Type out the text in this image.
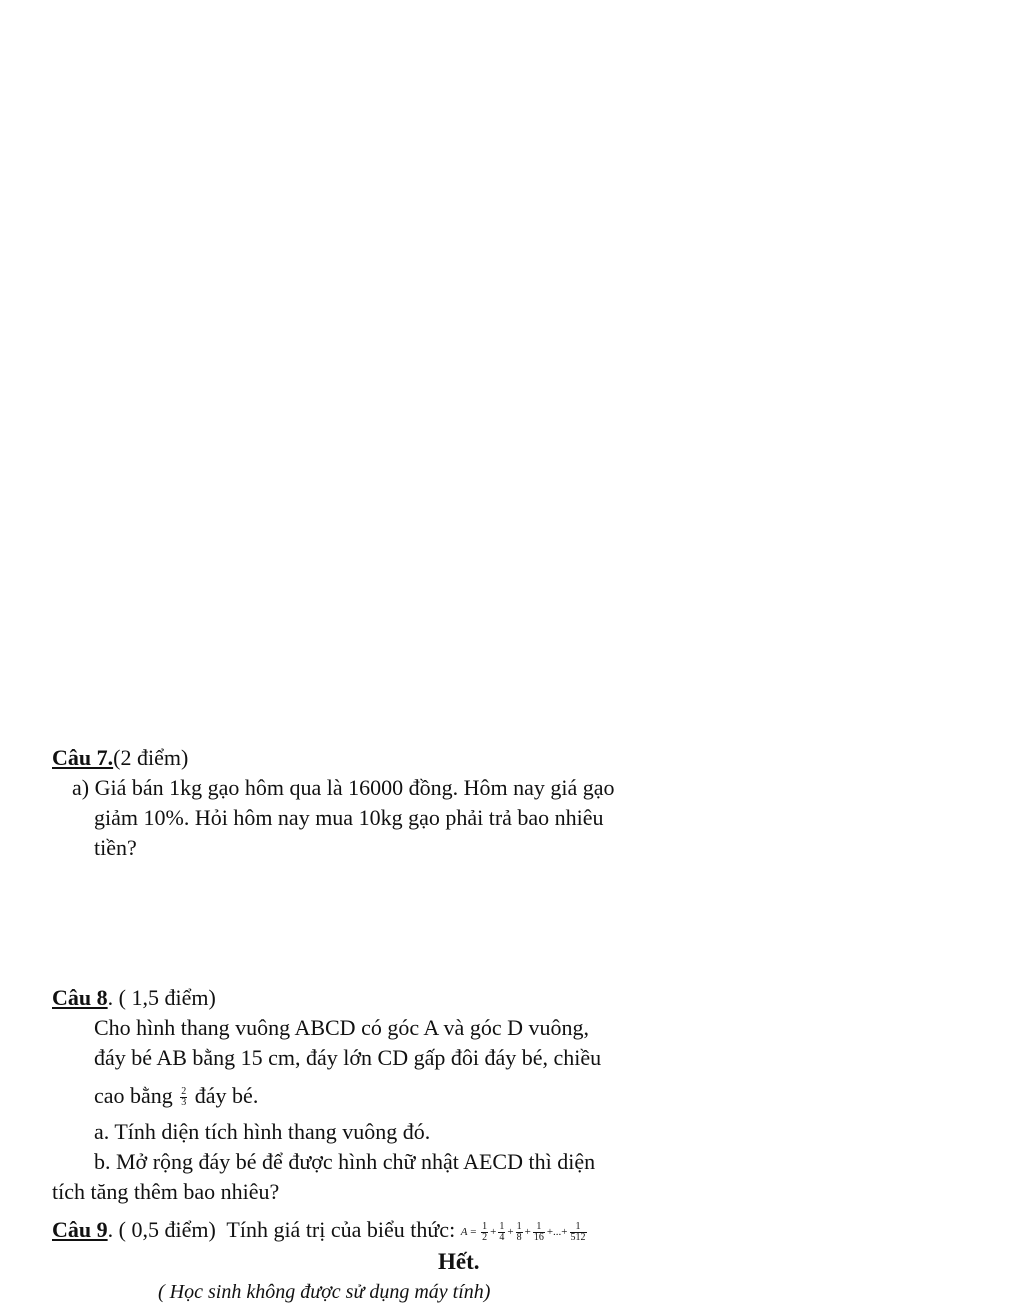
Câu 7.(2 điểm)
a) Giá bán 1kg gạo hôm qua là 16000 đồng. Hôm nay giá gạo
giảm 10%. Hỏi hôm nay mua 10kg gạo phải trả bao nhiêu
tiền?
Câu 8. ( 1,5 điểm)
Cho hình thang vuông ABCD có góc A và góc D vuông,
đáy bé AB bằng 15 cm, đáy lớn CD gấp đôi đáy bé, chiều
cao bằng $\frac{2}{3}$ đáy bé.
a. Tính diện tích hình thang vuông đó.
b. Mở rộng đáy bé để được hình chữ nhật AECD thì diện
tích tăng thêm bao nhiêu?
Câu 9. ( 0,5 điểm) Tính giá trị của biểu thức: $A = \frac{1}{2} + \frac{1}{4} + \frac{1}{8} + \frac{1}{16}$ +...+ $\frac{1}{512}$
Hết.
( Học sinh không được sử dụng máy tính)
